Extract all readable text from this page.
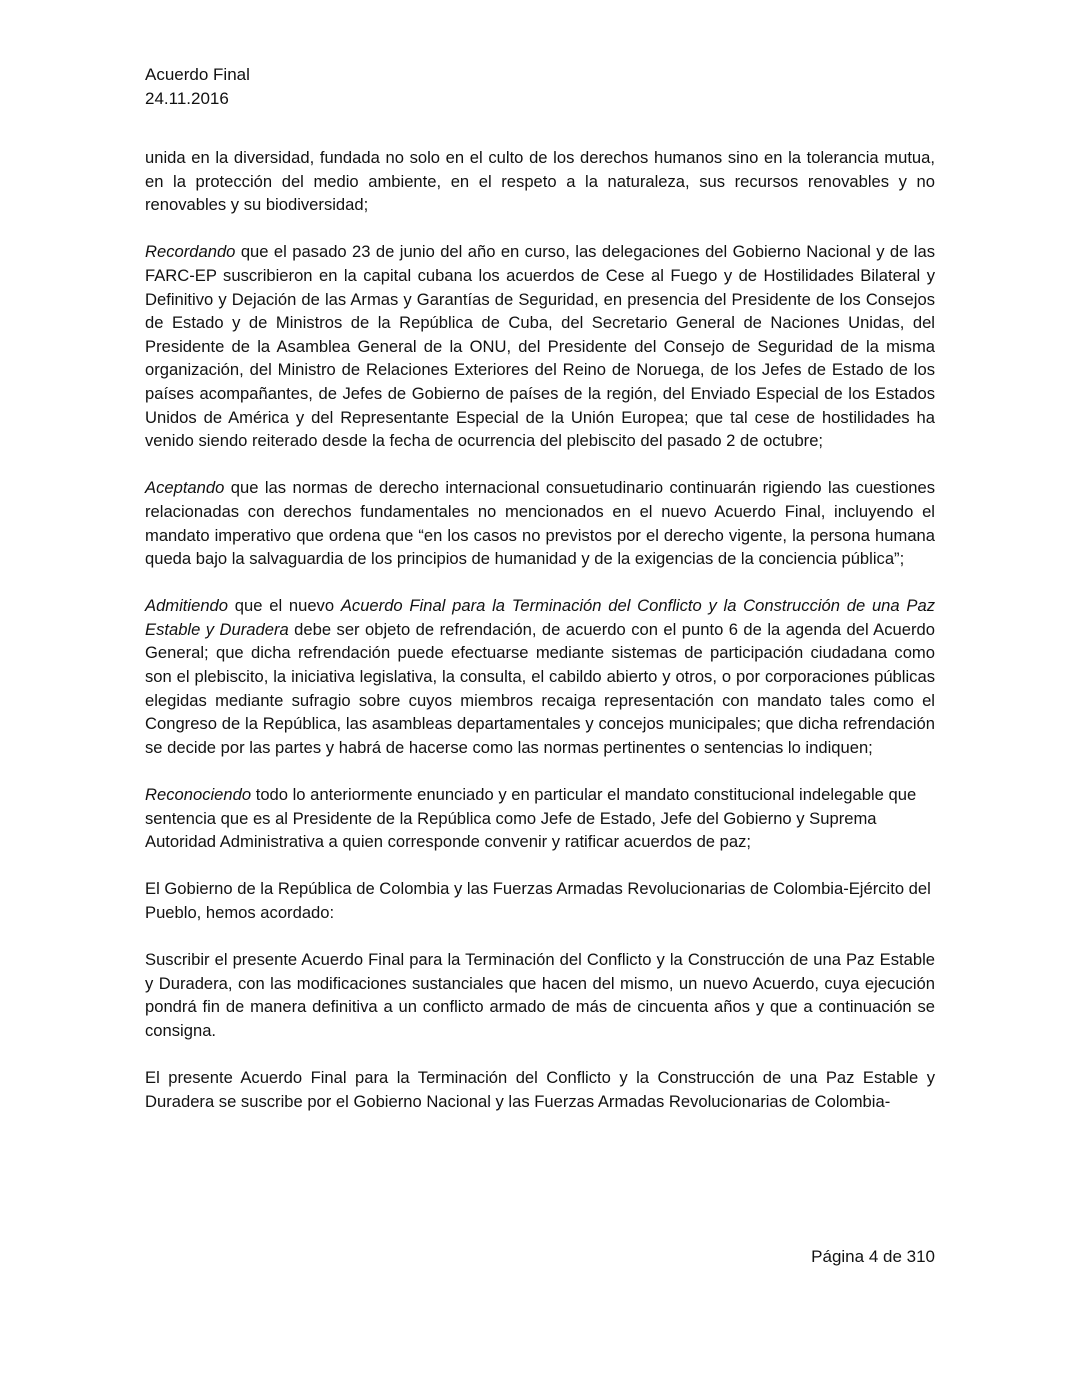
Acuerdo Final
24.11.2016

unida en la diversidad, fundada no solo en el culto de los derechos humanos sino en la tolerancia mutua, en la protección del medio ambiente, en el respeto a la naturaleza, sus recursos renovables y no renovables y su biodiversidad;

Recordando que el pasado 23 de junio del año en curso, las delegaciones del Gobierno Nacional y de las FARC-EP suscribieron en la capital cubana los acuerdos de Cese al Fuego y de Hostilidades Bilateral y Definitivo y Dejación de las Armas y Garantías de Seguridad, en presencia del Presidente de los Consejos de Estado y de Ministros de la República de Cuba, del Secretario General de Naciones Unidas, del Presidente de la Asamblea General de la ONU, del Presidente del Consejo de Seguridad de la misma organización, del Ministro de Relaciones Exteriores del Reino de Noruega, de los Jefes de Estado de los países acompañantes, de Jefes de Gobierno de países de la región, del Enviado Especial de los Estados Unidos de América y del Representante Especial de la Unión Europea; que tal cese de hostilidades ha venido siendo reiterado desde la fecha de ocurrencia del plebiscito del pasado 2 de octubre;

Aceptando que las normas de derecho internacional consuetudinario continuarán rigiendo las cuestiones relacionadas con derechos fundamentales no mencionados en el nuevo Acuerdo Final, incluyendo el mandato imperativo que ordena que “en los casos no previstos por el derecho vigente, la persona humana queda bajo la salvaguardia de los principios de humanidad y de la exigencias de la conciencia pública”;

Admitiendo que el nuevo Acuerdo Final para la Terminación del Conflicto y la Construcción de una Paz Estable y Duradera debe ser objeto de refrendación, de acuerdo con el punto 6 de la agenda del Acuerdo General; que dicha refrendación puede efectuarse mediante sistemas de participación ciudadana como son el plebiscito, la iniciativa legislativa, la consulta, el cabildo abierto y otros, o por corporaciones públicas elegidas mediante sufragio sobre cuyos miembros recaiga representación con mandato tales como el Congreso de la República, las asambleas departamentales y concejos municipales; que dicha refrendación se decide por las partes y habrá de hacerse como las normas pertinentes o sentencias lo indiquen;

Reconociendo todo lo anteriormente enunciado y en particular el mandato constitucional indelegable que sentencia que es al Presidente de la República como Jefe de Estado, Jefe del Gobierno y Suprema Autoridad Administrativa a quien corresponde convenir y ratificar acuerdos de paz;

El Gobierno de la República de Colombia y las Fuerzas Armadas Revolucionarias de Colombia-Ejército del Pueblo, hemos acordado:

Suscribir el presente Acuerdo Final para la Terminación del Conflicto y la Construcción de una Paz Estable y Duradera, con las modificaciones sustanciales que hacen del mismo, un nuevo Acuerdo, cuya ejecución pondrá fin de manera definitiva a un conflicto armado de más de cincuenta años y que a continuación se consigna.

El presente Acuerdo Final para la Terminación del Conflicto y la Construcción de una Paz Estable y Duradera se suscribe por el Gobierno Nacional y las Fuerzas Armadas Revolucionarias de Colombia-

Página 4 de 310
